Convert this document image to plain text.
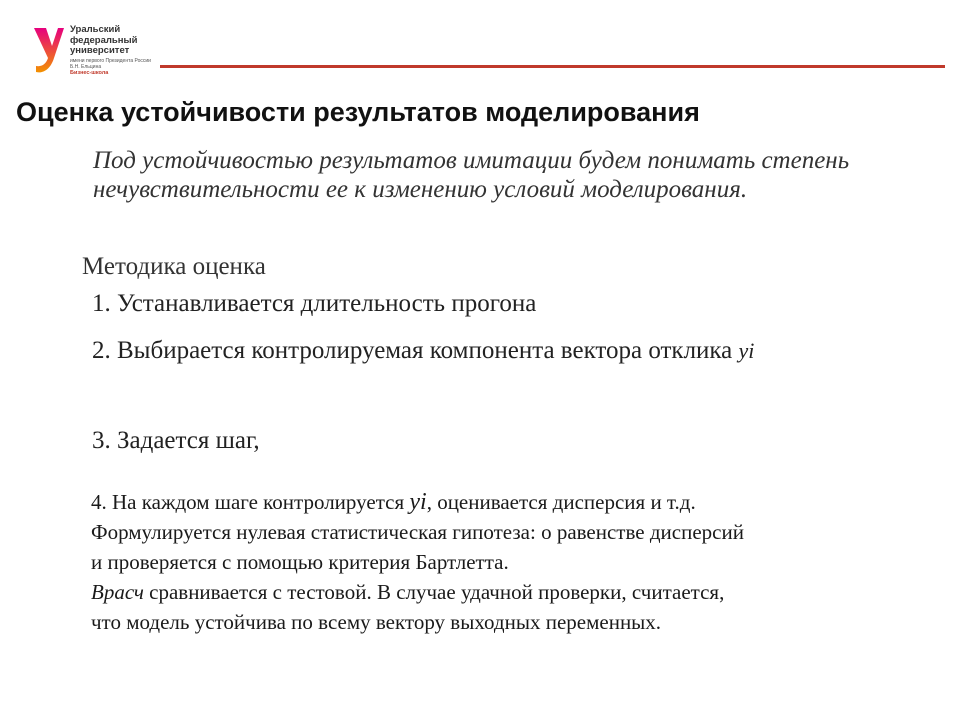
Уральский
федеральный
университет
имени первого Президента России Б.Н. Ельцина
Бизнес-школа
Оценка устойчивости результатов моделирования
Под устойчивостью результатов имитации будем понимать степень нечувствительности ее к изменению условий моделирования.
Методика оценка
1. Устанавливается длительность прогона
2. Выбирается контролируемая компонента вектора отклика yi
3. Задается шаг,
4. На каждом шаге контролируется yi, оценивается дисперсия и т.д.
Формулируется нулевая статистическая гипотеза: о равенстве дисперсий
и проверяется с помощью критерия Бартлетта.
Bрасч сравнивается с тестовой. В случае удачной проверки, считается,
что модель устойчива по всему вектору выходных переменных.
